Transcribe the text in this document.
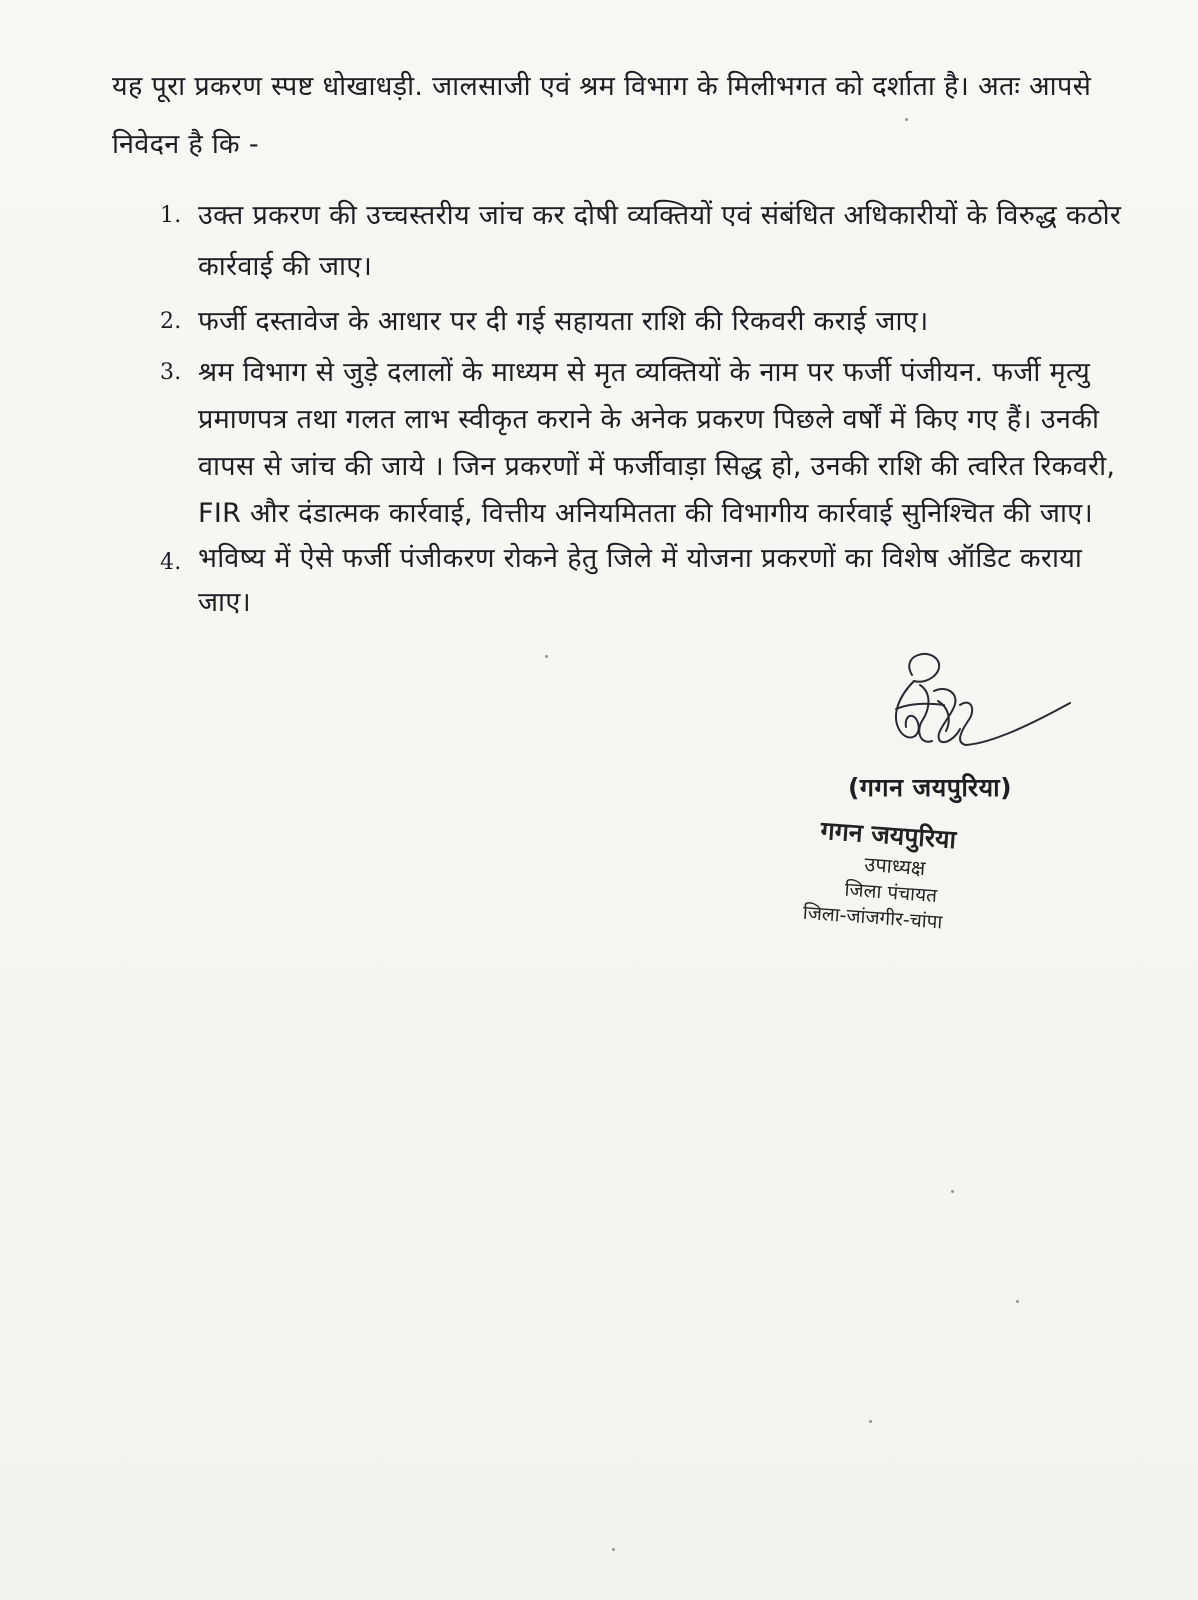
यह पूरा प्रकरण स्पष्ट धोखाधड़ी. जालसाजी एवं श्रम विभाग के मिलीभगत को दर्शाता है। अतः आपसे निवेदन है कि -

1. उक्त प्रकरण की उच्चस्तरीय जांच कर दोषी व्यक्तियों एवं संबंधित अधिकारीयों के विरुद्ध कठोर कार्रवाई की जाए।
2. फर्जी दस्तावेज के आधार पर दी गई सहायता राशि की रिकवरी कराई जाए।
3. श्रम विभाग से जुड़े दलालों के माध्यम से मृत व्यक्तियों के नाम पर फर्जी पंजीयन. फर्जी मृत्यु प्रमाणपत्र तथा गलत लाभ स्वीकृत कराने के अनेक प्रकरण पिछले वर्षों में किए गए हैं। उनकी वापस से जांच की जाये । जिन प्रकरणों में फर्जीवाड़ा सिद्ध हो, उनकी राशि की त्वरित रिकवरी, FIR और दंडात्मक कार्रवाई, वित्तीय अनियमितता की विभागीय कार्रवाई सुनिश्चित की जाए।
4. भविष्य में ऐसे फर्जी पंजीकरण रोकने हेतु जिले में योजना प्रकरणों का विशेष ऑडिट कराया जाए।
(गगन जयपुरिया)
गगन जयपुरिया
उपाध्यक्ष
जिला पंचायत
जिला-जांजगीर-चांपा
